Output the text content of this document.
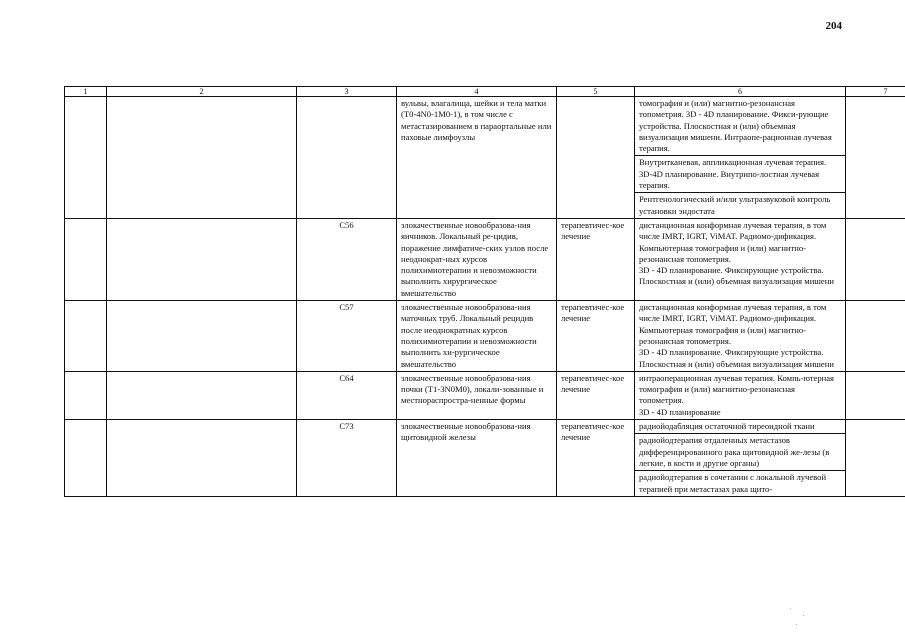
204
1	2	3	4	5	6	7
			вульвы, влагалища, шейки и тела матки (T0-4N0-1M0-1), в том числе с метастазированием в параортальные или паховые лимфоузлы		томография и (или) магнитно-резонансная топометрия. 3D - 4D планирование. Фикси-рующие устройства. Плоскостная и (или) объемная визуализация мишени. Интраопе-рационная лучевая терапия.	
					Внутритканевая, аппликационная лучевая терапия. 3D-4D планирование. Внутрипо-лостная лучевая терапия.	
					Рентгенологический и/или ультразвуковой контроль установки эндостата	
		C56	злокачественные новообразова-ния яичников. Локальный ре-цидив, поражение лимфатиче-ских узлов после неоднократ-ных курсов полихимиотерапии и невозможности выполнить хирургическое вмешательство	терапевтичес-кое лечение	дистанционная конформная лучевая терапия, в том числе IMRT, IGRT, ViMAT. Радиомо-дификация. Компьютерная томография и (или) магнитно-резонансная топометрия.
3D - 4D планирование. Фиксирующие устройства. Плоскостная и (или) объемная визуализация мишени	
		C57	злокачественные новообразова-ния маточных труб. Локальный рецидив после неоднократных курсов полихимиотерапии и невозможности выполнить хи-рургическое вмешательство	терапевтичес-кое лечение	дистанционная конформная лучевая терапия, в том числе IMRT, IGRT, ViMAT. Радиомо-дификация. Компьютерная томография и (или) магнитно-резонансная топометрия.
3D - 4D планирование. Фиксирующие устройства. Плоскостная и (или) объемная визуализация мишени	
		C64	злокачественные новообразова-ния почки (T1-3N0M0), локали-зованные и местнораспростра-ненные формы	терапевтичес-кое лечение	интраоперационная лучевая терапия. Компь-ютерная томография и (или) магнитно-резонансная топометрия.
3D - 4D планирование	
		C73	злокачественные новообразова-ния щитовидной железы	терапевтичес-кое лечение	радиойодабляция остаточной тиреоидной ткани	
					радиойодтерапия отдаленных метастазов дифференцированного рака щитовидной же-лезы (в легкие, в кости и другие органы)	
					радиойодтерапия в сочетании с локальной лучевой терапией при метастазах рака щито-	
